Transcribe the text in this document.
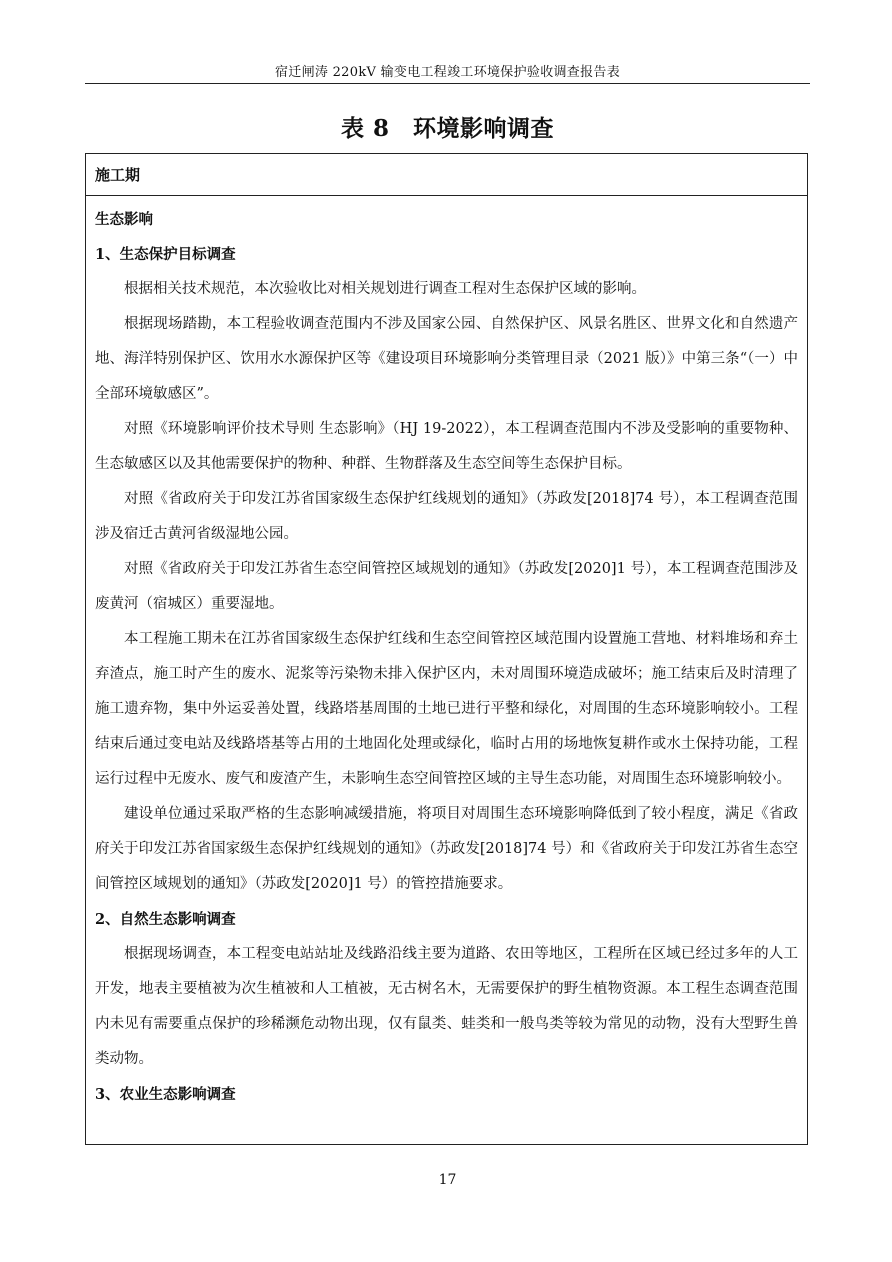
宿迁闸涛 220kV 输变电工程竣工环境保护验收调查报告表
表 8　环境影响调查
施工期
生态影响
1、生态保护目标调查
根据相关技术规范，本次验收比对相关规划进行调查工程对生态保护区域的影响。
根据现场踏勘，本工程验收调查范围内不涉及国家公园、自然保护区、风景名胜区、世界文化和自然遗产地、海洋特别保护区、饮用水水源保护区等《建设项目环境影响分类管理目录（2021 版）》中第三条“（一）中全部环境敏感区”。
对照《环境影响评价技术导则 生态影响》（HJ 19-2022），本工程调查范围内不涉及受影响的重要物种、生态敏感区以及其他需要保护的物种、种群、生物群落及生态空间等生态保护目标。
对照《省政府关于印发江苏省国家级生态保护红线规划的通知》（苏政发[2018]74 号），本工程调查范围涉及宿迁古黄河省级湿地公园。
对照《省政府关于印发江苏省生态空间管控区域规划的通知》（苏政发[2020]1 号），本工程调查范围涉及废黄河（宿城区）重要湿地。
本工程施工期未在江苏省国家级生态保护红线和生态空间管控区域范围内设置施工营地、材料堆场和弃土弃渣点，施工时产生的废水、泥浆等污染物未排入保护区内，未对周围环境造成破坏；施工结束后及时清理了施工遗弃物，集中外运妥善处置，线路塔基周围的土地已进行平整和绿化，对周围的生态环境影响较小。工程结束后通过变电站及线路塔基等占用的土地固化处理或绿化，临时占用的场地恢复耕作或水土保持功能，工程运行过程中无废水、废气和废渣产生，未影响生态空间管控区域的主导生态功能，对周围生态环境影响较小。
建设单位通过采取严格的生态影响减缓措施，将项目对周围生态环境影响降低到了较小程度，满足《省政府关于印发江苏省国家级生态保护红线规划的通知》（苏政发[2018]74 号）和《省政府关于印发江苏省生态空间管控区域规划的通知》（苏政发[2020]1 号）的管控措施要求。
2、自然生态影响调查
根据现场调查，本工程变电站站址及线路沿线主要为道路、农田等地区，工程所在区域已经过多年的人工开发，地表主要植被为次生植被和人工植被，无古树名木，无需要保护的野生植物资源。本工程生态调查范围内未见有需要重点保护的珍稀濒危动物出现，仅有鼠类、蛙类和一般鸟类等较为常见的动物，没有大型野生兽类动物。
3、农业生态影响调查
17
